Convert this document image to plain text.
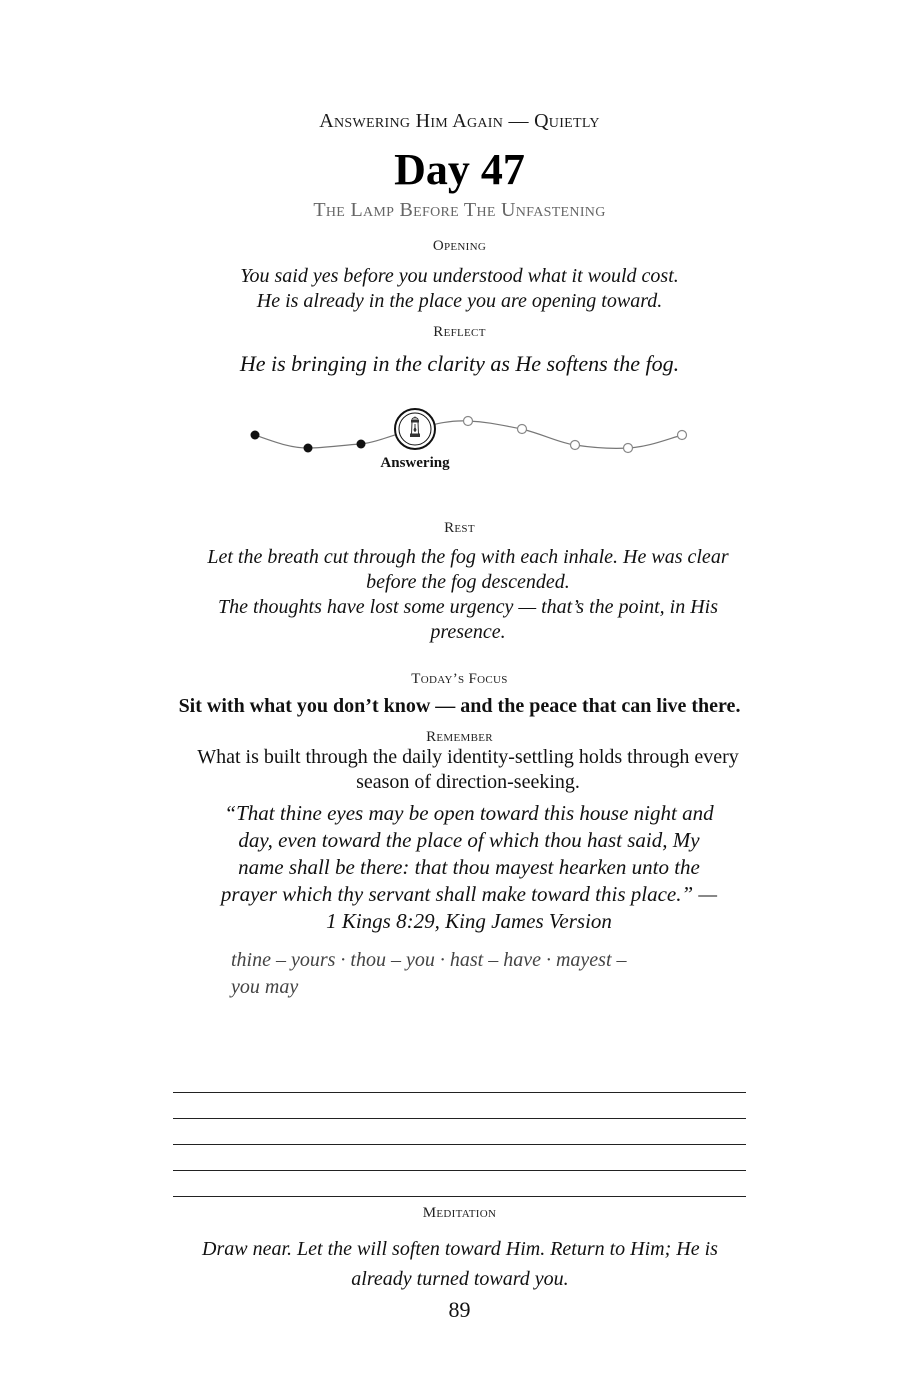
Answering Him Again — Quietly
Day 47
The Lamp Before The Unfastening
Opening
You said yes before you understood what it would cost.
He is already in the place you are opening toward.
Reflect
He is bringing in the clarity as He softens the fog.
Answering
Rest
Let the breath cut through the fog with each inhale. He was clear before the fog descended.
The thoughts have lost some urgency — that’s the point, in His presence.
Today’s Focus
Sit with what you don’t know — and the peace that can live there.
Remember
What is built through the daily identity-settling holds through every season of direction-seeking.
“That thine eyes may be open toward this house night and day, even toward the place of which thou hast said, My name shall be there: that thou mayest hearken unto the prayer which thy servant shall make toward this place.” — 1 Kings 8:29, King James Version
thine – yours · thou – you · hast – have · mayest – you may
Meditation
Draw near. Let the will soften toward Him. Return to Him; He is already turned toward you.
89
